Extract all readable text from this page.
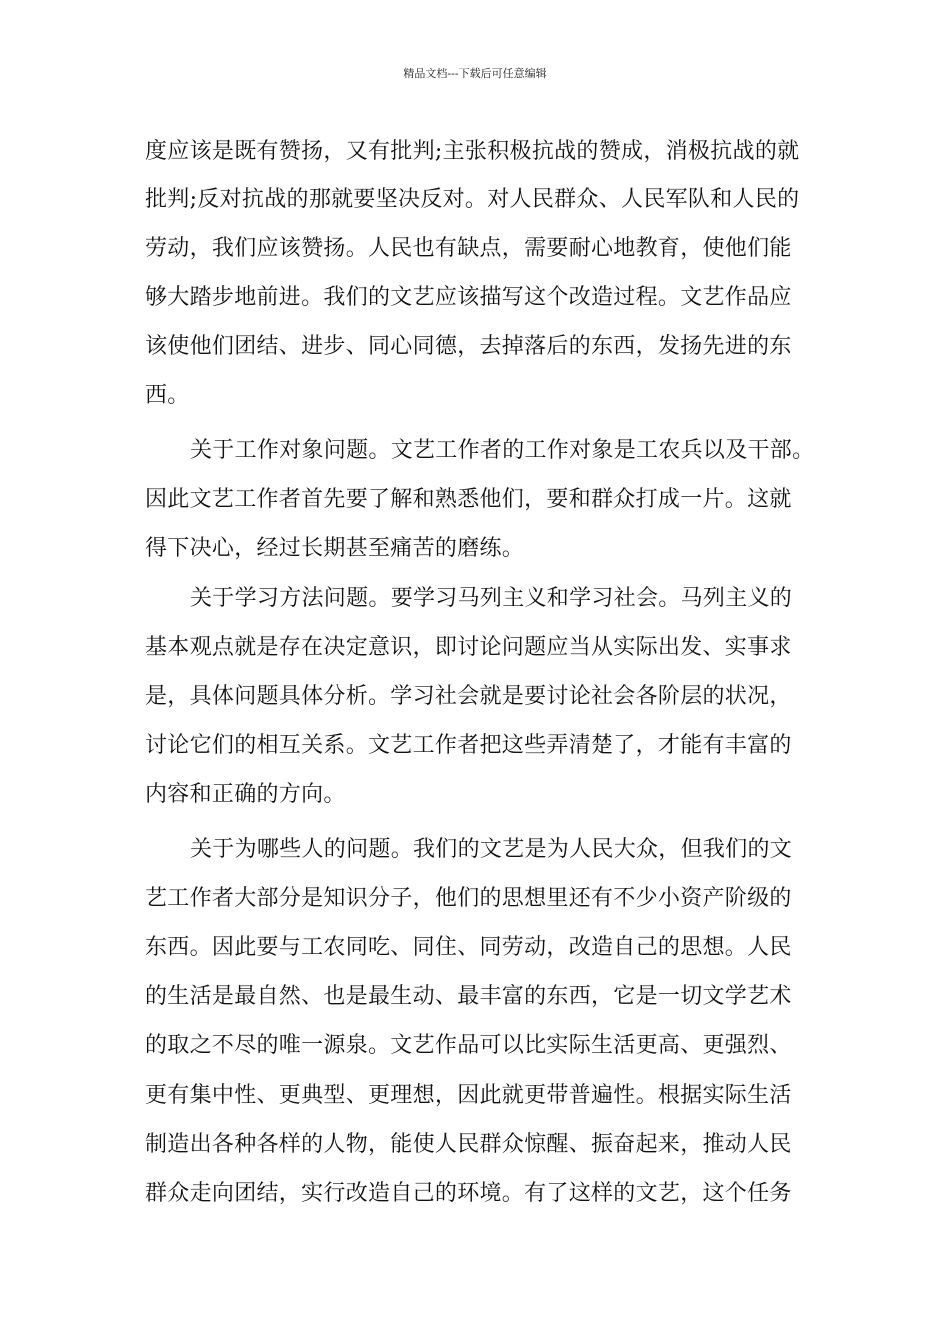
精品文档---下载后可任意编辑
度应该是既有赞扬，又有批判;主张积极抗战的赞成，消极抗战的就
批判;反对抗战的那就要坚决反对。对人民群众、人民军队和人民的
劳动，我们应该赞扬。人民也有缺点，需要耐心地教育，使他们能
够大踏步地前进。我们的文艺应该描写这个改造过程。文艺作品应
该使他们团结、进步、同心同德，去掉落后的东西，发扬先进的东
西。
关于工作对象问题。文艺工作者的工作对象是工农兵以及干部。
因此文艺工作者首先要了解和熟悉他们，要和群众打成一片。这就
得下决心，经过长期甚至痛苦的磨练。
关于学习方法问题。要学习马列主义和学习社会。马列主义的
基本观点就是存在决定意识，即讨论问题应当从实际出发、实事求
是，具体问题具体分析。学习社会就是要讨论社会各阶层的状况，
讨论它们的相互关系。文艺工作者把这些弄清楚了，才能有丰富的
内容和正确的方向。
关于为哪些人的问题。我们的文艺是为人民大众，但我们的文
艺工作者大部分是知识分子，他们的思想里还有不少小资产阶级的
东西。因此要与工农同吃、同住、同劳动，改造自己的思想。人民
的生活是最自然、也是最生动、最丰富的东西，它是一切文学艺术
的取之不尽的唯一源泉。文艺作品可以比实际生活更高、更强烈、
更有集中性、更典型、更理想，因此就更带普遍性。根据实际生活
制造出各种各样的人物，能使人民群众惊醒、振奋起来，推动人民
群众走向团结，实行改造自己的环境。有了这样的文艺，这个任务
